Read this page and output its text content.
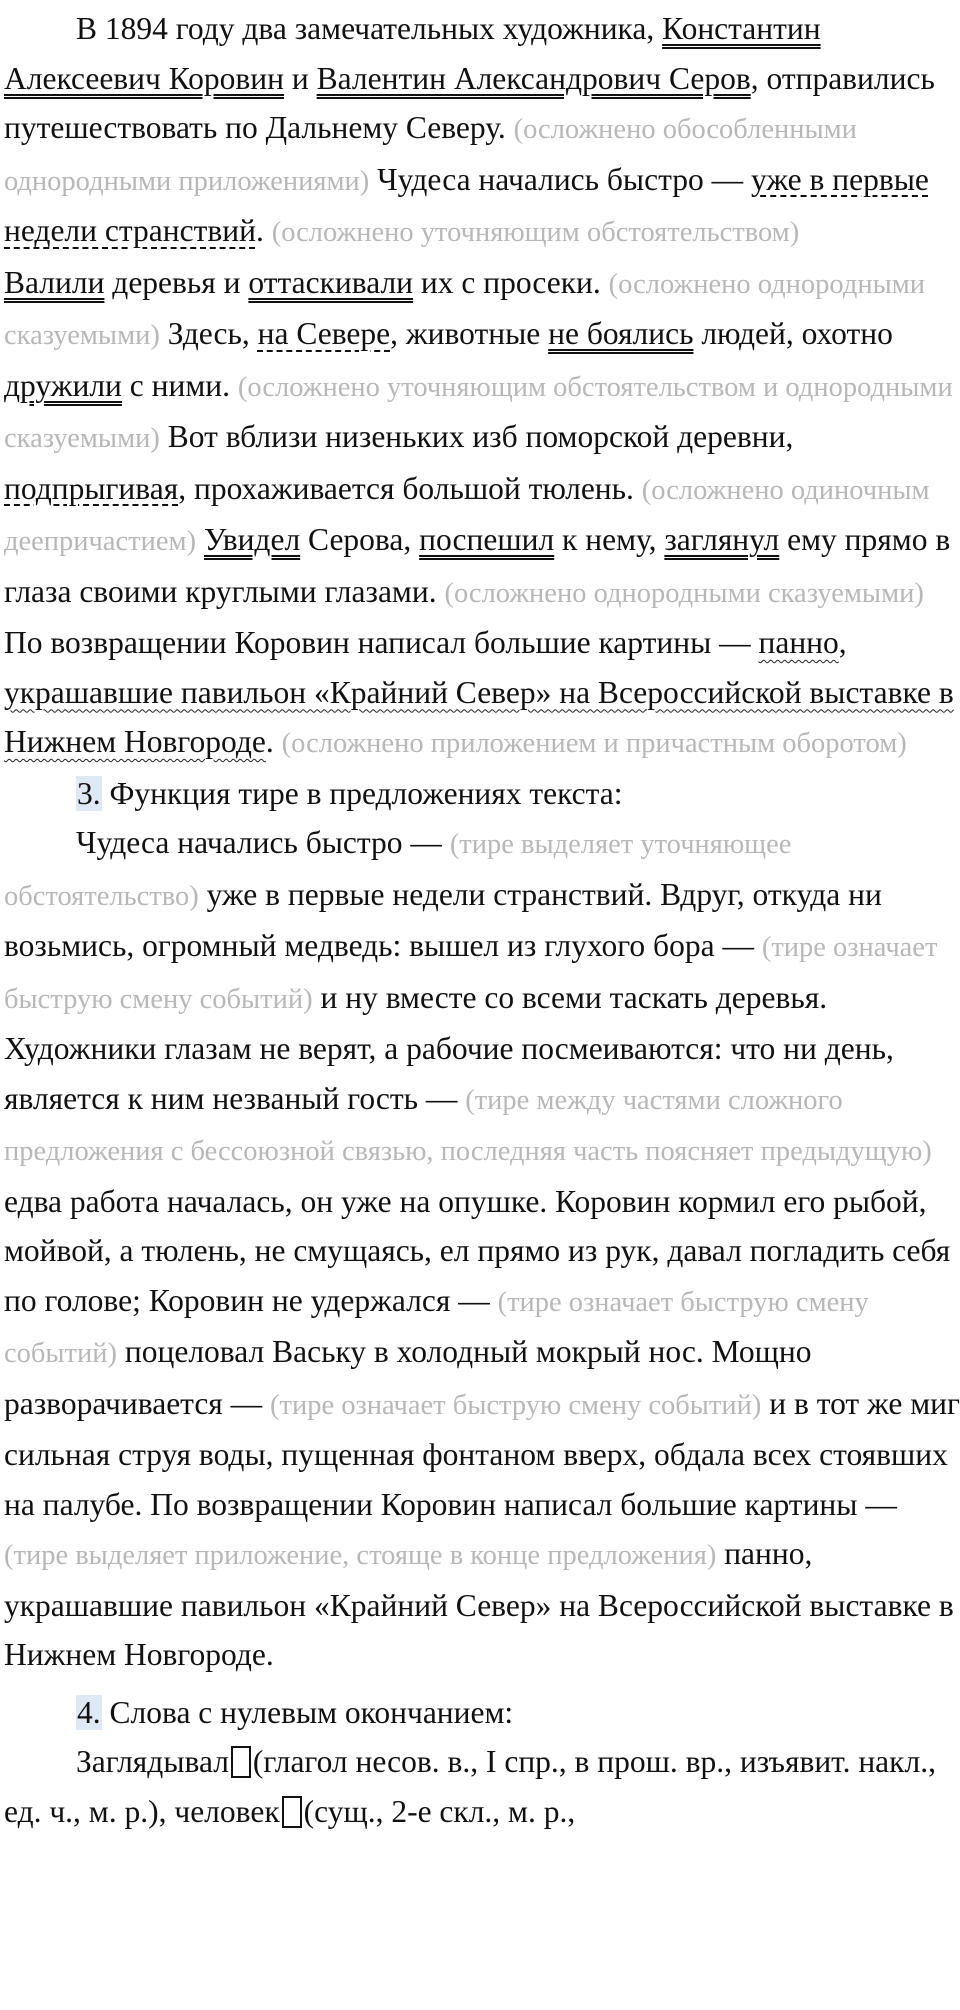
В 1894 году два замечательных художника, Константин Алексеевич Коровин и Валентин Александрович Серов, отправились путешествовать по Дальнему Северу. (осложнено обособленными однородными приложениями) Чудеса начались быстро — уже в первые недели странствий. (осложнено уточняющим обстоятельством)

Валили деревья и оттаскивали их с просеки. (осложнено однородными сказуемыми) Здесь, на Севере, животные не боялись людей, охотно дружили с ними. (осложнено уточняющим обстоятельством и однородными сказуемыми) Вот вблизи низеньких изб поморской деревни, подпрыгивая, прохаживается большой тюлень. (осложнено одиночным деепричастием) Увидел Серова, поспешил к нему, заглянул ему прямо в глаза своими круглыми глазами. (осложнено однородными сказуемыми) По возвращении Коровин написал большие картины — панно, украшавшие павильон «Крайний Север» на Всероссийской выставке в Нижнем Новгороде. (осложнено приложением и причастным оборотом)

3. Функция тире в предложениях текста:

Чудеса начались быстро — (тире выделяет уточняющее обстоятельство) уже в первые недели странствий. Вдруг, откуда ни возьмись, огромный медведь: вышел из глухого бора — (тире означает быструю смену событий) и ну вместе со всеми таскать деревья. Художники глазам не верят, а рабочие посмеиваются: что ни день, является к ним незваный гость — (тире между частями сложного предложения с бессоюзной связью, последняя часть поясняет предыдущую) едва работа началась, он уже на опушке. Коровин кормил его рыбой, мойвой, а тюлень, не смущаясь, ел прямо из рук, давал погладить себя по голове; Коровин не удержался — (тире означает быструю смену событий) поцеловал Ваську в холодный мокрый нос. Мощно разворачивается — (тире означает быструю смену событий) и в тот же миг сильная струя воды, пущенная фонтаном вверх, обдала всех стоявших на палубе. По возвращении Коровин написал большие картины — (тире выделяет приложение, стояще в конце предложения) панно, украшавшие павильон «Крайний Север» на Всероссийской выставке в Нижнем Новгороде.

4. Слова с нулевым окончанием:

Заглядывал (глагол несов. в., I спр., в прош. вр., изъявит. накл., ед. ч., м. р.), человек (сущ., 2-е скл., м. р.,
